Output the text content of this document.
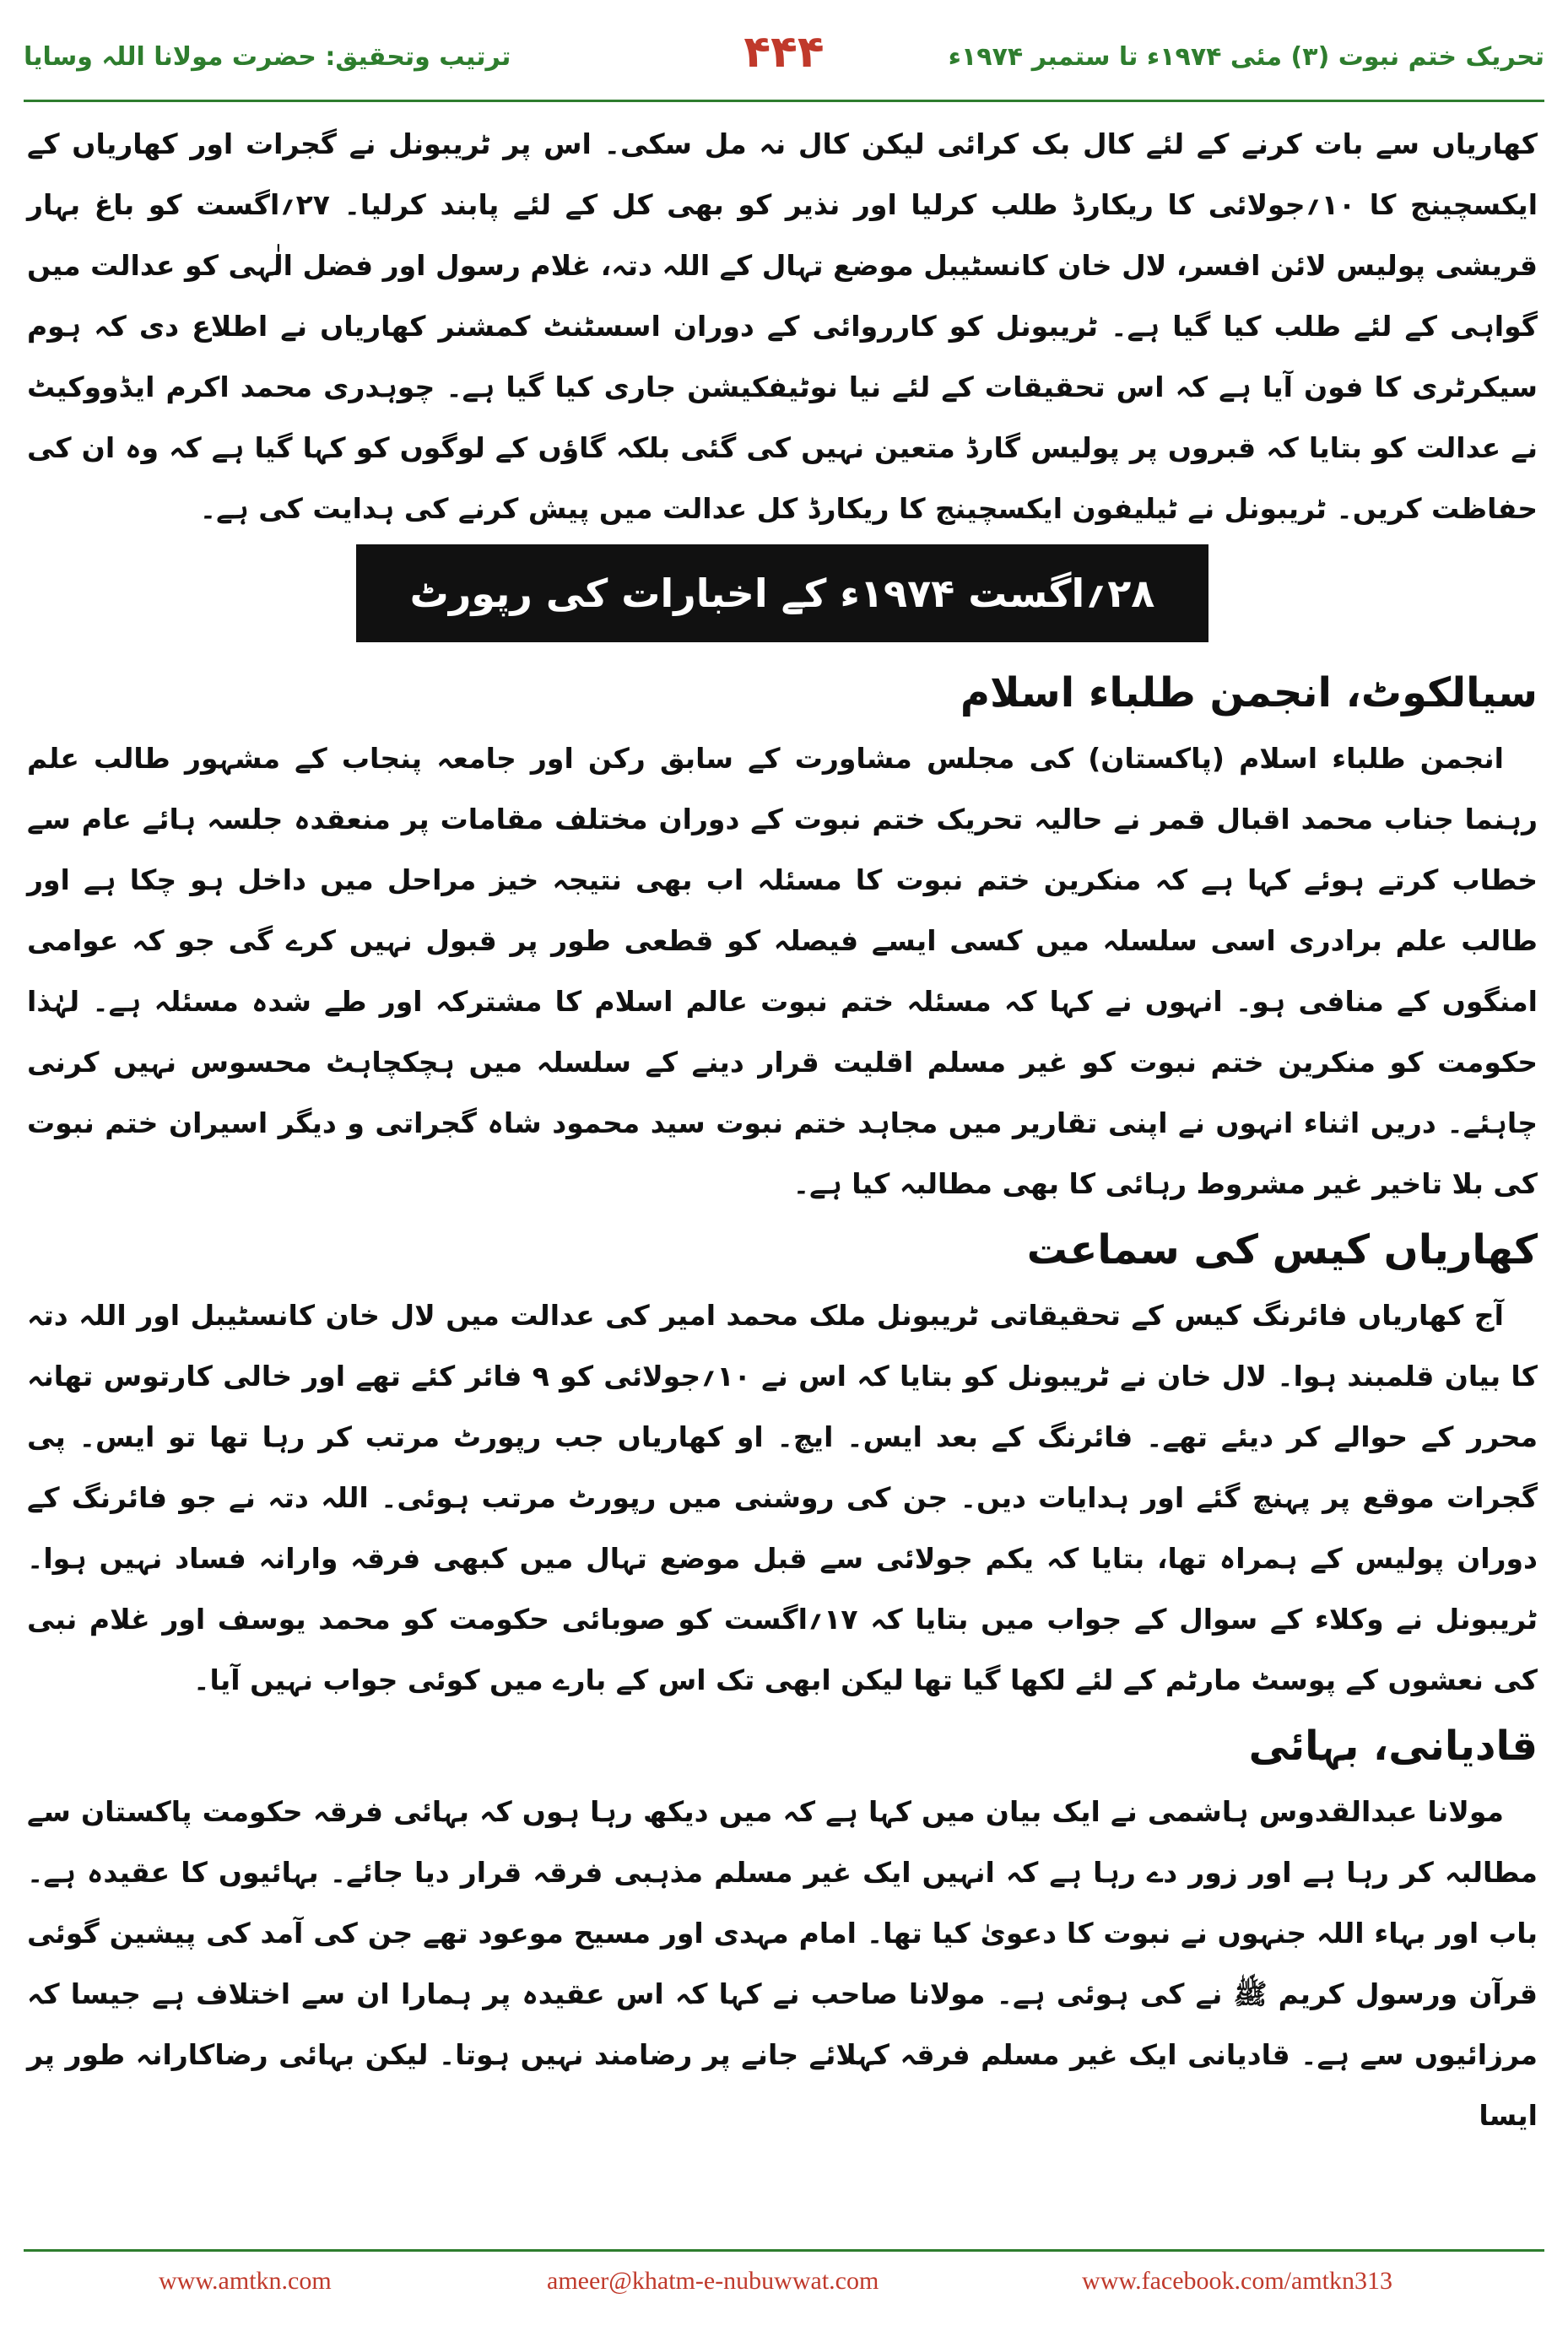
تحریک ختم نبوت (۳) مئی ۱۹۷۴ء تا ستمبر ۱۹۷۴ء
۴۴۴
ترتیب وتحقیق: حضرت مولانا اللہ وسایا

کھاریاں سے بات کرنے کے لئے کال بک کرائی لیکن کال نہ مل سکی۔ اس پر ٹریبونل نے گجرات اور کھاریاں کے ایکسچینج کا ۱۰؍جولائی کا ریکارڈ طلب کرلیا اور نذیر کو بھی کل کے لئے پابند کرلیا۔ ۲۷؍اگست کو باغ بہار قریشی پولیس لائن افسر، لال خان کانسٹیبل موضع تہال کے اللہ دتہ، غلام رسول اور فضل الٰہی کو عدالت میں گواہی کے لئے طلب کیا گیا ہے۔ ٹریبونل کو کارروائی کے دوران اسسٹنٹ کمشنر کھاریاں نے اطلاع دی کہ ہوم سیکرٹری کا فون آیا ہے کہ اس تحقیقات کے لئے نیا نوٹیفکیشن جاری کیا گیا ہے۔ چوہدری محمد اکرم ایڈووکیٹ نے عدالت کو بتایا کہ قبروں پر پولیس گارڈ متعین نہیں کی گئی بلکہ گاؤں کے لوگوں کو کہا گیا ہے کہ وہ ان کی حفاظت کریں۔ ٹریبونل نے ٹیلیفون ایکسچینج کا ریکارڈ کل عدالت میں پیش کرنے کی ہدایت کی ہے۔

۲۸؍اگست ۱۹۷۴ء کے اخبارات کی رپورٹ
سیالکوٹ، انجمن طلباء اسلام

انجمن طلباء اسلام (پاکستان) کی مجلس مشاورت کے سابق رکن اور جامعہ پنجاب کے مشہور طالب علم رہنما جناب محمد اقبال قمر نے حالیہ تحریک ختم نبوت کے دوران مختلف مقامات پر منعقدہ جلسہ ہائے عام سے خطاب کرتے ہوئے کہا ہے کہ منکرین ختم نبوت کا مسئلہ اب بھی نتیجہ خیز مراحل میں داخل ہو چکا ہے اور طالب علم برادری اسی سلسلہ میں کسی ایسے فیصلہ کو قطعی طور پر قبول نہیں کرے گی جو کہ عوامی امنگوں کے منافی ہو۔ انہوں نے کہا کہ مسئلہ ختم نبوت عالم اسلام کا مشترکہ اور طے شدہ مسئلہ ہے۔ لہٰذا حکومت کو منکرین ختم نبوت کو غیر مسلم اقلیت قرار دینے کے سلسلہ میں ہچکچاہٹ محسوس نہیں کرنی چاہئے۔ دریں اثناء انہوں نے اپنی تقاریر میں مجاہد ختم نبوت سید محمود شاہ گجراتی و دیگر اسیران ختم نبوت کی بلا تاخیر غیر مشروط رہائی کا بھی مطالبہ کیا ہے۔

کھاریاں کیس کی سماعت

آج کھاریاں فائرنگ کیس کے تحقیقاتی ٹریبونل ملک محمد امیر کی عدالت میں لال خان کانسٹیبل اور اللہ دتہ کا بیان قلمبند ہوا۔ لال خان نے ٹریبونل کو بتایا کہ اس نے ۱۰؍جولائی کو ۹ فائر کئے تھے اور خالی کارتوس تھانہ محرر کے حوالے کر دیئے تھے۔ فائرنگ کے بعد ایس۔ ایچ۔ او کھاریاں جب رپورٹ مرتب کر رہا تھا تو ایس۔ پی گجرات موقع پر پہنچ گئے اور ہدایات دیں۔ جن کی روشنی میں رپورٹ مرتب ہوئی۔ اللہ دتہ نے جو فائرنگ کے دوران پولیس کے ہمراہ تھا، بتایا کہ یکم جولائی سے قبل موضع تہال میں کبھی فرقہ وارانہ فساد نہیں ہوا۔ ٹریبونل نے وکلاء کے سوال کے جواب میں بتایا کہ ۱۷؍اگست کو صوبائی حکومت کو محمد یوسف اور غلام نبی کی نعشوں کے پوسٹ مارٹم کے لئے لکھا گیا تھا لیکن ابھی تک اس کے بارے میں کوئی جواب نہیں آیا۔

قادیانی، بہائی

مولانا عبدالقدوس ہاشمی نے ایک بیان میں کہا ہے کہ میں دیکھ رہا ہوں کہ بہائی فرقہ حکومت پاکستان سے مطالبہ کر رہا ہے اور زور دے رہا ہے کہ انہیں ایک غیر مسلم مذہبی فرقہ قرار دیا جائے۔ بہائیوں کا عقیدہ ہے۔ باب اور بہاء اللہ جنہوں نے نبوت کا دعویٰ کیا تھا۔ امام مہدی اور مسیح موعود تھے جن کی آمد کی پیشین گوئی قرآن ورسول کریم ﷺ نے کی ہوئی ہے۔ مولانا صاحب نے کہا کہ اس عقیدہ پر ہمارا ان سے اختلاف ہے جیسا کہ مرزائیوں سے ہے۔ قادیانی ایک غیر مسلم فرقہ کہلائے جانے پر رضامند نہیں ہوتا۔ لیکن بہائی رضاکارانہ طور پر ایسا

www.amtkn.com	ameer@khatm-e-nubuwwat.com	www.facebook.com/amtkn313
